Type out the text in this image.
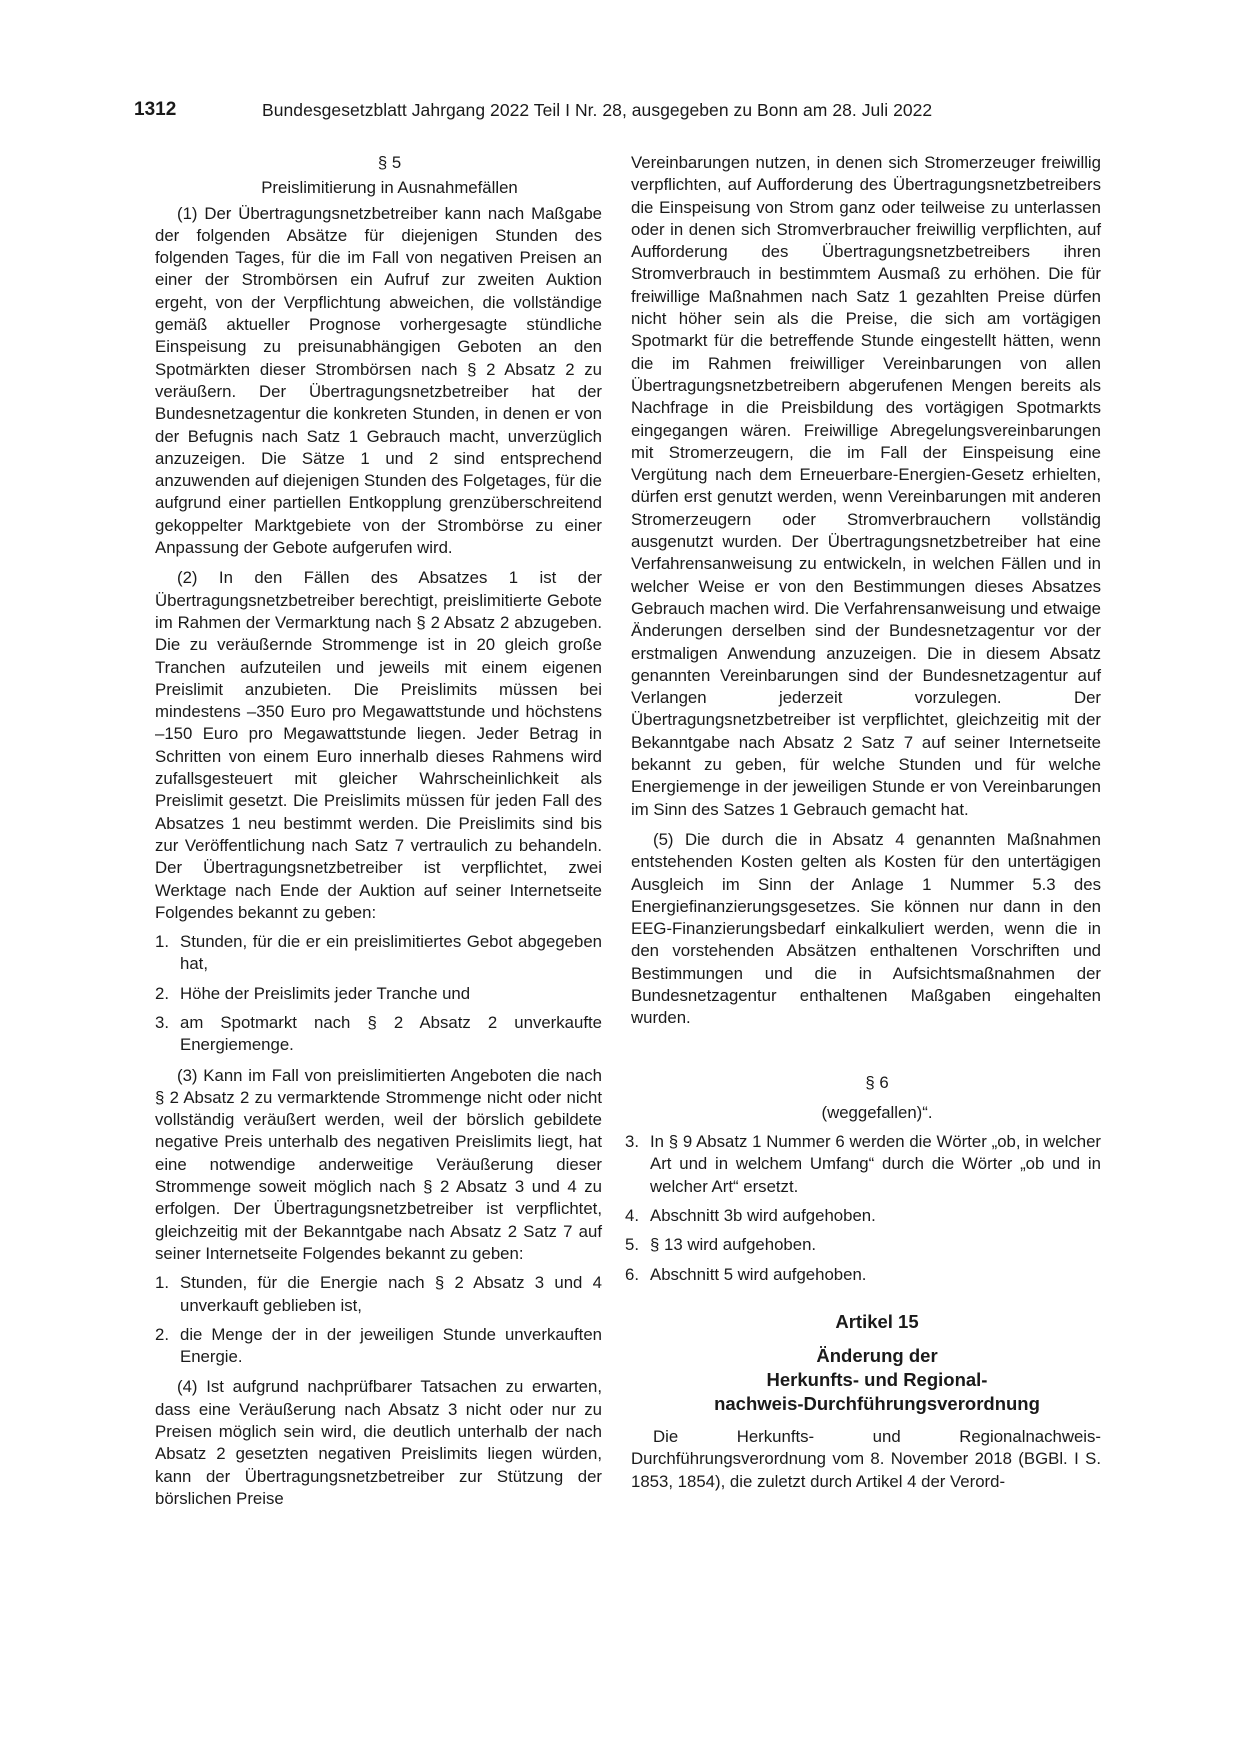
1312	Bundesgesetzblatt Jahrgang 2022 Teil I Nr. 28, ausgegeben zu Bonn am 28. Juli 2022

§ 5

Preislimitierung in Ausnahmefällen

(1) Der Übertragungsnetzbetreiber kann nach Maßgabe der folgenden Absätze für diejenigen Stunden des folgenden Tages, für die im Fall von negativen Preisen an einer der Strombörsen ein Aufruf zur zweiten Auktion ergeht, von der Verpflichtung abweichen, die vollständige gemäß aktueller Prognose vorhergesagte stündliche Einspeisung zu preisunabhängigen Geboten an den Spotmärkten dieser Strombörsen nach § 2 Absatz 2 zu veräußern. Der Übertragungsnetzbetreiber hat der Bundesnetzagentur die konkreten Stunden, in denen er von der Befugnis nach Satz 1 Gebrauch macht, unverzüglich anzuzeigen. Die Sätze 1 und 2 sind entsprechend anzuwenden auf diejenigen Stunden des Folgetages, für die aufgrund einer partiellen Entkopplung grenzüberschreitend gekoppelter Marktgebiete von der Strombörse zu einer Anpassung der Gebote aufgerufen wird.

(2) In den Fällen des Absatzes 1 ist der Übertragungsnetzbetreiber berechtigt, preislimitierte Gebote im Rahmen der Vermarktung nach § 2 Absatz 2 abzugeben. Die zu veräußernde Strommenge ist in 20 gleich große Tranchen aufzuteilen und jeweils mit einem eigenen Preislimit anzubieten. Die Preislimits müssen bei mindestens –350 Euro pro Megawattstunde und höchstens –150 Euro pro Megawattstunde liegen. Jeder Betrag in Schritten von einem Euro innerhalb dieses Rahmens wird zufallsgesteuert mit gleicher Wahrscheinlichkeit als Preislimit gesetzt. Die Preislimits müssen für jeden Fall des Absatzes 1 neu bestimmt werden. Die Preislimits sind bis zur Veröffentlichung nach Satz 7 vertraulich zu behandeln. Der Übertragungsnetzbetreiber ist verpflichtet, zwei Werktage nach Ende der Auktion auf seiner Internetseite Folgendes bekannt zu geben:

1. Stunden, für die er ein preislimitiertes Gebot abgegeben hat,
2. Höhe der Preislimits jeder Tranche und
3. am Spotmarkt nach § 2 Absatz 2 unverkaufte Energiemenge.

(3) Kann im Fall von preislimitierten Angeboten die nach § 2 Absatz 2 zu vermarktende Strommenge nicht oder nicht vollständig veräußert werden, weil der börslich gebildete negative Preis unterhalb des negativen Preislimits liegt, hat eine notwendige anderweitige Veräußerung dieser Strommenge soweit möglich nach § 2 Absatz 3 und 4 zu erfolgen. Der Übertragungsnetzbetreiber ist verpflichtet, gleichzeitig mit der Bekanntgabe nach Absatz 2 Satz 7 auf seiner Internetseite Folgendes bekannt zu geben:

1. Stunden, für die Energie nach § 2 Absatz 3 und 4 unverkauft geblieben ist,
2. die Menge der in der jeweiligen Stunde unverkauften Energie.

(4) Ist aufgrund nachprüfbarer Tatsachen zu erwarten, dass eine Veräußerung nach Absatz 3 nicht oder nur zu Preisen möglich sein wird, die deutlich unterhalb der nach Absatz 2 gesetzten negativen Preislimits liegen würden, kann der Übertragungsnetzbetreiber zur Stützung der börslichen Preise

Vereinbarungen nutzen, in denen sich Stromerzeuger freiwillig verpflichten, auf Aufforderung des Übertragungsnetzbetreibers die Einspeisung von Strom ganz oder teilweise zu unterlassen oder in denen sich Stromverbraucher freiwillig verpflichten, auf Aufforderung des Übertragungsnetzbetreibers ihren Stromverbrauch in bestimmtem Ausmaß zu erhöhen. Die für freiwillige Maßnahmen nach Satz 1 gezahlten Preise dürfen nicht höher sein als die Preise, die sich am vortägigen Spotmarkt für die betreffende Stunde eingestellt hätten, wenn die im Rahmen freiwilliger Vereinbarungen von allen Übertragungsnetzbetreibern abgerufenen Mengen bereits als Nachfrage in die Preisbildung des vortägigen Spotmarkts eingegangen wären. Freiwillige Abregelungsvereinbarungen mit Stromerzeugern, die im Fall der Einspeisung eine Vergütung nach dem Erneuerbare-Energien-Gesetz erhielten, dürfen erst genutzt werden, wenn Vereinbarungen mit anderen Stromerzeugern oder Stromverbrauchern vollständig ausgenutzt wurden. Der Übertragungsnetzbetreiber hat eine Verfahrensanweisung zu entwickeln, in welchen Fällen und in welcher Weise er von den Bestimmungen dieses Absatzes Gebrauch machen wird. Die Verfahrensanweisung und etwaige Änderungen derselben sind der Bundesnetzagentur vor der erstmaligen Anwendung anzuzeigen. Die in diesem Absatz genannten Vereinbarungen sind der Bundesnetzagentur auf Verlangen jederzeit vorzulegen. Der Übertragungsnetzbetreiber ist verpflichtet, gleichzeitig mit der Bekanntgabe nach Absatz 2 Satz 7 auf seiner Internetseite bekannt zu geben, für welche Stunden und für welche Energiemenge in der jeweiligen Stunde er von Vereinbarungen im Sinn des Satzes 1 Gebrauch gemacht hat.

(5) Die durch die in Absatz 4 genannten Maßnahmen entstehenden Kosten gelten als Kosten für den untertägigen Ausgleich im Sinn der Anlage 1 Nummer 5.3 des Energiefinanzierungsgesetzes. Sie können nur dann in den EEG-Finanzierungsbedarf einkalkuliert werden, wenn die in den vorstehenden Absätzen enthaltenen Vorschriften und Bestimmungen und die in Aufsichtsmaßnahmen der Bundesnetzagentur enthaltenen Maßgaben eingehalten wurden.

§ 6

(weggefallen)“.

3. In § 9 Absatz 1 Nummer 6 werden die Wörter „ob, in welcher Art und in welchem Umfang“ durch die Wörter „ob und in welcher Art“ ersetzt.
4. Abschnitt 3b wird aufgehoben.
5. § 13 wird aufgehoben.
6. Abschnitt 5 wird aufgehoben.

Artikel 15

Änderung der

Herkunfts- und Regional-

nachweis-Durchführungsverordnung

Die Herkunfts- und Regionalnachweis-Durchführungsverordnung vom 8. November 2018 (BGBl. I S. 1853, 1854), die zuletzt durch Artikel 4 der Verord-
